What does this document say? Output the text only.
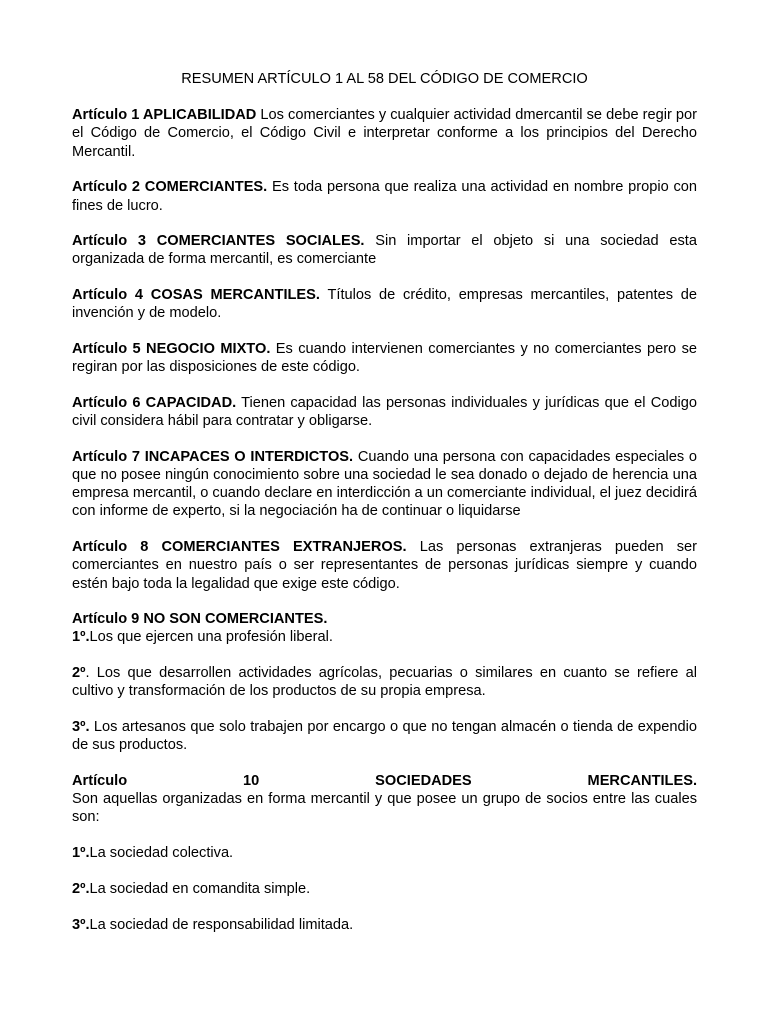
RESUMEN ARTÍCULO 1 AL 58 DEL CÓDIGO DE COMERCIO

Artículo 1 APLICABILIDAD Los comerciantes y cualquier actividad dmercantil se debe regir por el Código de Comercio, el Código Civil e interpretar conforme a los principios del Derecho Mercantil.

Artículo 2 COMERCIANTES. Es toda persona que realiza una actividad en nombre propio con fines de lucro.

Artículo 3 COMERCIANTES SOCIALES. Sin importar el objeto si una sociedad esta organizada de forma mercantil, es comerciante

Artículo 4 COSAS MERCANTILES. Títulos de crédito, empresas mercantiles, patentes de invención y de modelo.

Artículo 5 NEGOCIO MIXTO. Es cuando intervienen comerciantes y no comerciantes pero se regiran por las disposiciones de este código.

Artículo 6 CAPACIDAD. Tienen capacidad las personas individuales y jurídicas que el Codigo civil considera hábil para contratar y obligarse.

Artículo 7 INCAPACES O INTERDICTOS. Cuando una persona con capacidades especiales o que no posee ningún conocimiento sobre una sociedad le sea donado o dejado de herencia una empresa mercantil, o cuando declare en interdicción a un comerciante individual, el juez decidirá con informe de experto, si la negociación ha de continuar o liquidarse

Artículo 8 COMERCIANTES EXTRANJEROS. Las personas extranjeras pueden ser comerciantes en nuestro país o ser representantes de personas jurídicas siempre y cuando estén bajo toda la legalidad que exige este código.

Artículo 9 NO SON COMERCIANTES.

1º.Los que ejercen una profesión liberal.

2º. Los que desarrollen actividades agrícolas, pecuarias o similares en cuanto se refiere al cultivo y transformación de los productos de su propia empresa.

3º. Los artesanos que solo trabajen por encargo o que no tengan almacén o tienda de expendio de sus productos.

Artículo 10 SOCIEDADES MERCANTILES.

Son aquellas organizadas en forma mercantil y que posee un grupo de socios entre las cuales son:

1º.La sociedad colectiva.

2º.La sociedad en comandita simple.

3º.La sociedad de responsabilidad limitada.
